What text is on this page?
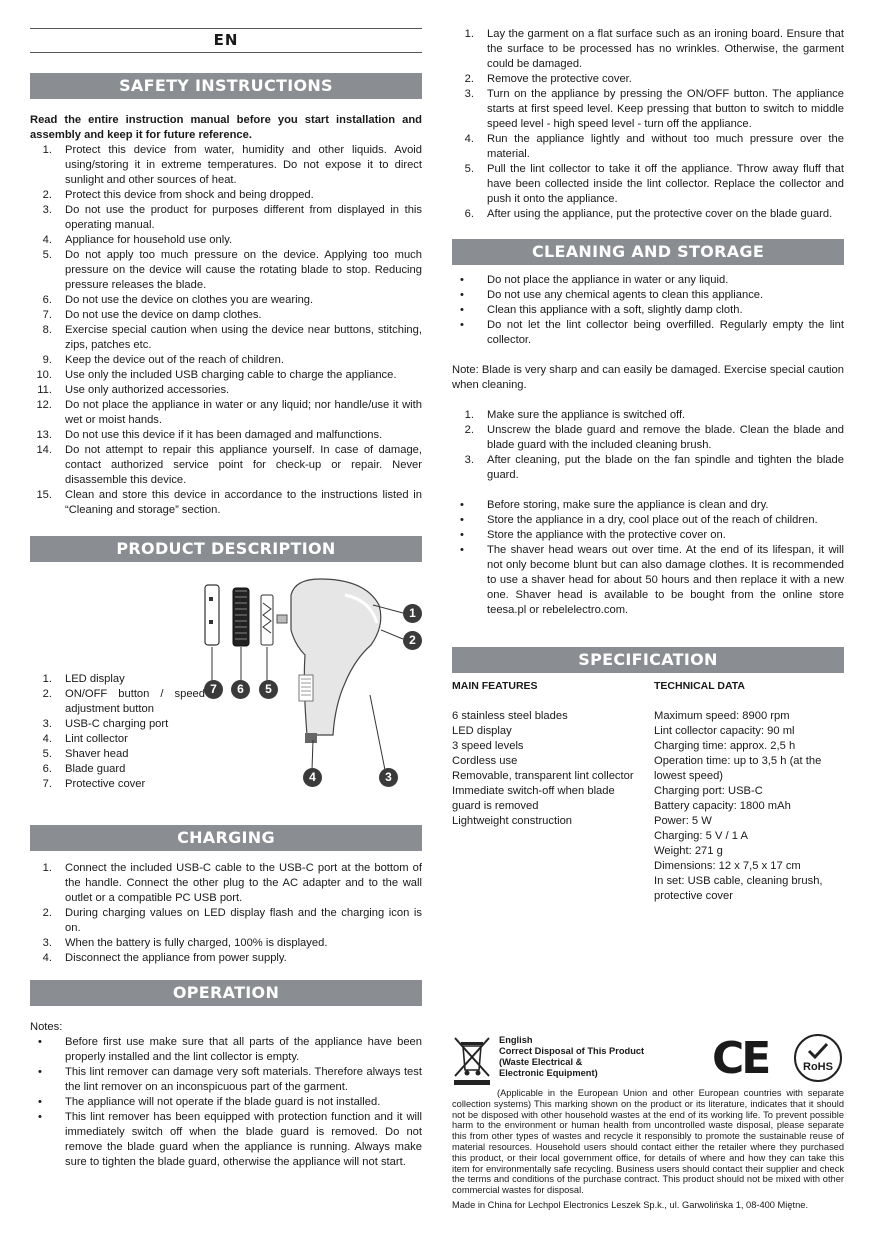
EN
SAFETY INSTRUCTIONS

Read the entire instruction manual before you start installation and assembly and keep it for future reference.

1. Protect this device from water, humidity and other liquids. Avoid using/storing it in extreme temperatures. Do not expose it to direct sunlight and other sources of heat.
2. Protect this device from shock and being dropped.
3. Do not use the product for purposes different from displayed in this operating manual.
4. Appliance for household use only.
5. Do not apply too much pressure on the device. Applying too much pressure on the device will cause the rotating blade to stop. Reducing pressure releases the blade.
6. Do not use the device on clothes you are wearing.
7. Do not use the device on damp clothes.
8. Exercise special caution when using the device near buttons, stitching, zips, patches etc.
9. Keep the device out of the reach of children.
10. Use only the included USB charging cable to charge the appliance.
11. Use only authorized accessories.
12. Do not place the appliance in water or any liquid; nor handle/use it with wet or moist hands.
13. Do not use this device if it has been damaged and malfunctions.
14. Do not attempt to repair this appliance yourself. In case of damage, contact authorized service point for check-up or repair. Never disassemble this device.
15. Clean and store this device in accordance to the instructions listed in “Cleaning and storage” section.
PRODUCT DESCRIPTION
1
2
3
4
5
6
7
1. LED display
2. ON/OFF button / speed adjustment button
3. USB-C charging port
4. Lint collector
5. Shaver head
6. Blade guard
7. Protective cover
CHARGING
1. Connect the included USB-C cable to the USB-C port at the bottom of the handle. Connect the other plug to the AC adapter and to the wall outlet or a compatible PC USB port.
2. During charging values on LED display flash and the charging icon is on.
3. When the battery is fully charged, 100% is displayed.
4. Disconnect the appliance from power supply.
OPERATION

Notes:

• Before first use make sure that all parts of the appliance have been properly installed and the lint collector is empty.
• This lint remover can damage very soft materials. Therefore always test the lint remover on an inconspicuous part of the garment.
• The appliance will not operate if the blade guard is not installed.
• This lint remover has been equipped with protection function and it will immediately switch off when the blade guard is removed. Do not remove the blade guard when the appliance is running. Always make sure to tighten the blade guard, otherwise the appliance will not start.
1. Lay the garment on a flat surface such as an ironing board. Ensure that the surface to be processed has no wrinkles. Otherwise, the garment could be damaged.
2. Remove the protective cover.
3. Turn on the appliance by pressing the ON/OFF button. The appliance starts at first speed level. Keep pressing that button to switch to middle speed level - high speed level - turn off the appliance.
4. Run the appliance lightly and without too much pressure over the material.
5. Pull the lint collector to take it off the appliance. Throw away fluff that have been collected inside the lint collector. Replace the collector and push it onto the appliance.
6. After using the appliance, put the protective cover on the blade guard.
CLEANING AND STORAGE
• Do not place the appliance in water or any liquid.
• Do not use any chemical agents to clean this appliance.
• Clean this appliance with a soft, slightly damp cloth.
• Do not let the lint collector being overfilled. Regularly empty the lint collector.

Note: Blade is very sharp and can easily be damaged. Exercise special caution when cleaning.

1. Make sure the appliance is switched off.
2. Unscrew the blade guard and remove the blade. Clean the blade and blade guard with the included cleaning brush.
3. After cleaning, put the blade on the fan spindle and tighten the blade guard.
• Before storing, make sure the appliance is clean and dry.
• Store the appliance in a dry, cool place out of the reach of children.
• Store the appliance with the protective cover on.
• The shaver head wears out over time. At the end of its lifespan, it will not only become blunt but can also damage clothes. It is recommended to use a shaver head for about 50 hours and then replace it with a new one. Shaver head is available to be bought from the online store teesa.pl or rebelelectro.com.
SPECIFICATION
MAIN FEATURES
6 stainless steel blades
LED display
3 speed levels
Cordless use
Removable, transparent lint collector
Immediate switch-off when blade guard is removed
Lightweight construction
TECHNICAL DATA
Maximum speed: 8900 rpm
Lint collector capacity: 90 ml
Charging time: approx. 2,5 h
Operation time: up to 3,5 h (at the lowest speed)
Charging port: USB-C
Battery capacity: 1800 mAh
Power: 5 W
Charging: 5 V / 1 A
Weight: 271 g
Dimensions: 12 x 7,5 x 17 cm
In set: USB cable, cleaning brush, protective cover
English
Correct Disposal of This Product
(Waste Electrical & Electronic Equipment)	CE	RoHS
(Applicable in the European Union and other European countries with separate collection systems) This marking shown on the product or its literature, indicates that it should not be disposed with other household wastes at the end of its working life. To prevent possible harm to the environment or human health from uncontrolled waste disposal, please separate this from other types of wastes and recycle it responsibly to promote the sustainable reuse of material resources. Household users should contact either the retailer where they purchased this product, or their local government office, for details of where and how they can take this item for environmentally safe recycling. Business users should contact their supplier and check the terms and conditions of the purchase contract. This product should not be mixed with other commercial wastes for disposal.
Made in China for Lechpol Electronics Leszek Sp.k., ul. Garwolińska 1, 08-400 Miętne.
